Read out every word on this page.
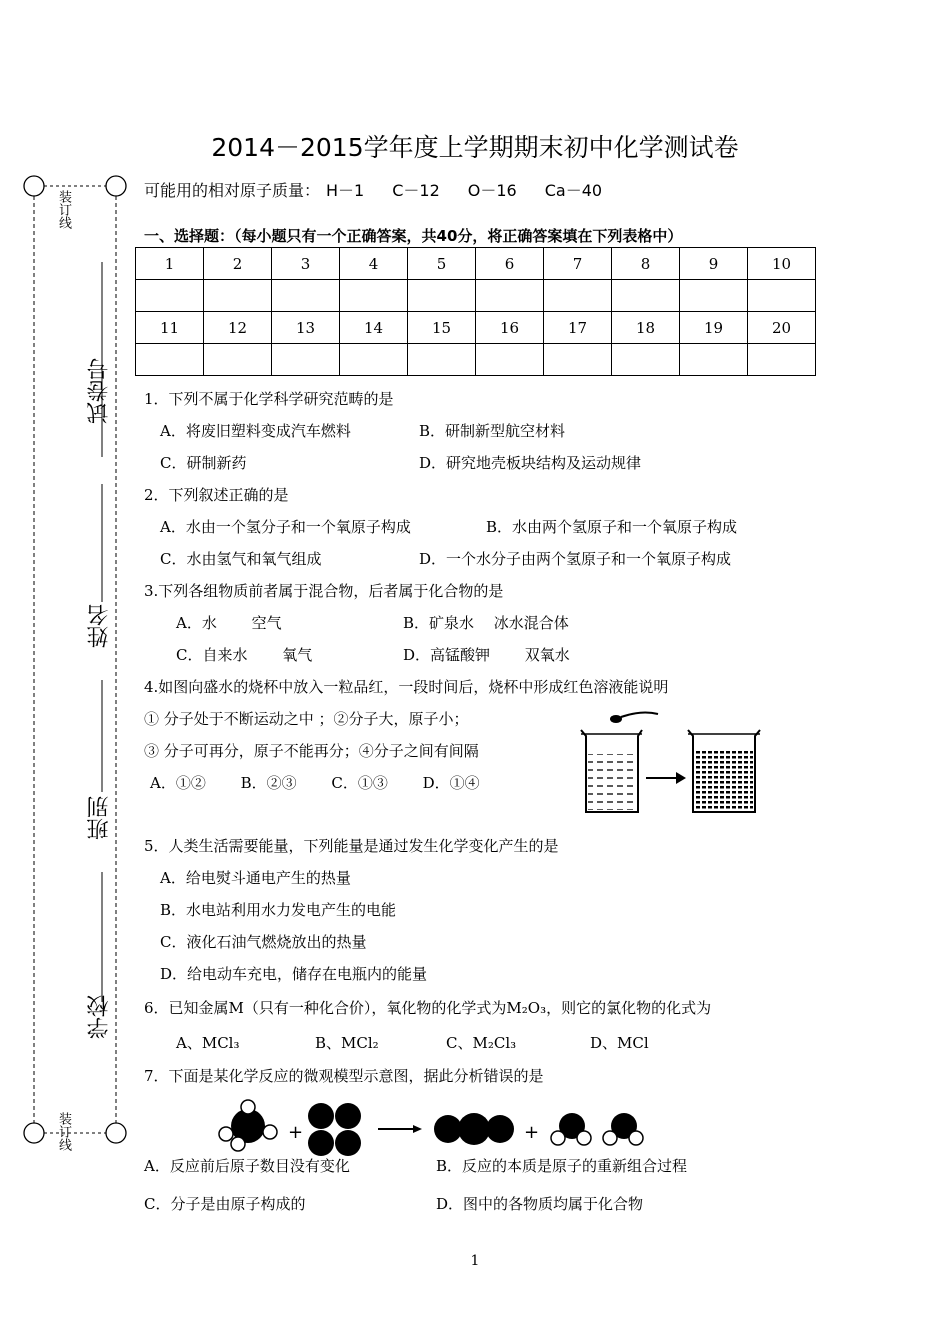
2014－2015学年度上学期期末初中化学测试卷
可能用的相对原子质量： H－1 C－12 O－16 Ca－40
一、选择题：（每小题只有一个正确答案，共40分，将正确答案填在下列表格中）
1	2	3	4	5	6	7	8	9	10

11	12	13	14	15	16	17	18	19	20

装订线
装订线
试卷号
姓名
班别
学校
1．下列不属于化学科学研究范畴的是
A．将废旧塑料变成汽车燃料	B．研制新型航空材料
C．研制新药	D．研究地壳板块结构及运动规律
2．下列叙述正确的是
A．水由一个氢分子和一个氧原子构成	B．水由两个氢原子和一个氧原子构成
C．水由氢气和氧气组成	D．一个水分子由两个氢原子和一个氧原子构成
3.下列各组物质前者属于混合物，后者属于化合物的是
A．水　　 空气	B．矿泉水　 冰水混合体
C．自来水 　　氧气	D．高锰酸钾 　　双氧水
4.如图向盛水的烧杯中放入一粒品红，一段时间后，烧杯中形成红色溶液能说明
① 分子处于不断运动之中 ；②分子大，原子小；
③ 分子可再分，原子不能再分；④分子之间有间隔
A．①②　　 B．②③　　 C．①③　　 D．①④
5．人类生活需要能量，下列能量是通过发生化学变化产生的是
A．给电熨斗通电产生的热量
B．水电站利用水力发电产生的电能
C．液化石油气燃烧放出的热量
D．给电动车充电，储存在电瓶内的能量
6．已知金属M（只有一种化合价），氧化物的化学式为M₂O₃，则它的氯化物的化式为
A、MCl₃	B、MCl₂	C、M₂Cl₃	D、MCl
7．下面是某化学反应的微观模型示意图，据此分析错误的是
+	+
A．反应前后原子数目没有变化	B．反应的本质是原子的重新组合过程
C．分子是由原子构成的	D．图中的各物质均属于化合物
1
